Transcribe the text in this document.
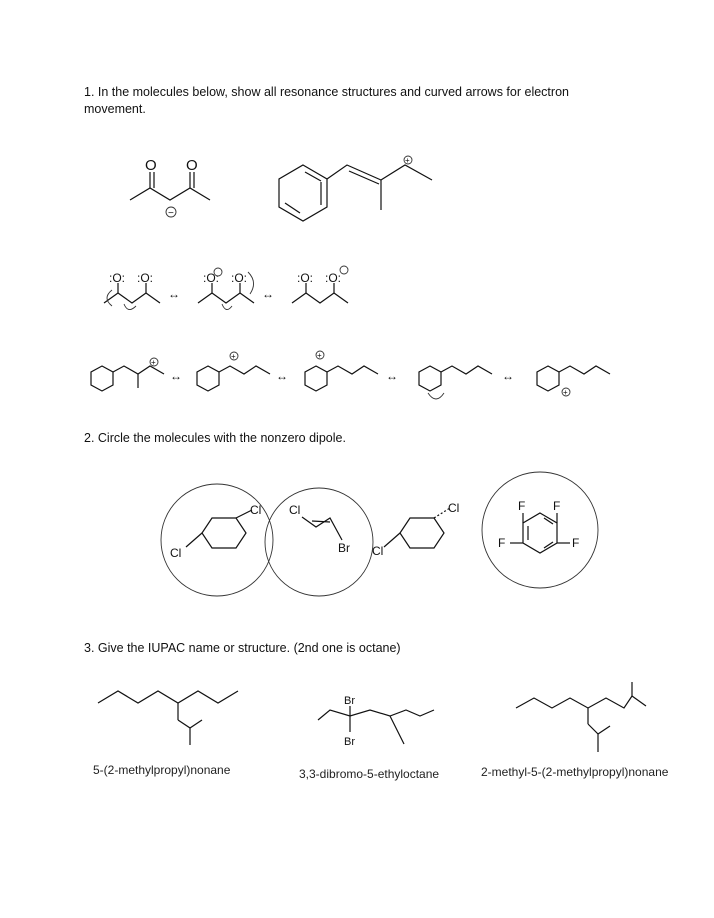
1. In the molecules below, show all resonance structures and curved arrows for electron movement.
2. Circle the molecules with the nonzero dipole.
3. Give the IUPAC name or structure. (2nd one is octane)
O O
−
+
:O: :O:
↔
:O: :O:
↔
:O: :O:
+
↔
+
↔
+
↔	↔
+
Cl
Cl
Cl
Br
Cl
Cl
F F
F	F
Br
Br
5-(2-methylpropyl)nonane	3,3-dibromo-5-ethyloctane	2-methyl-5-(2-methylpropyl)nonane
